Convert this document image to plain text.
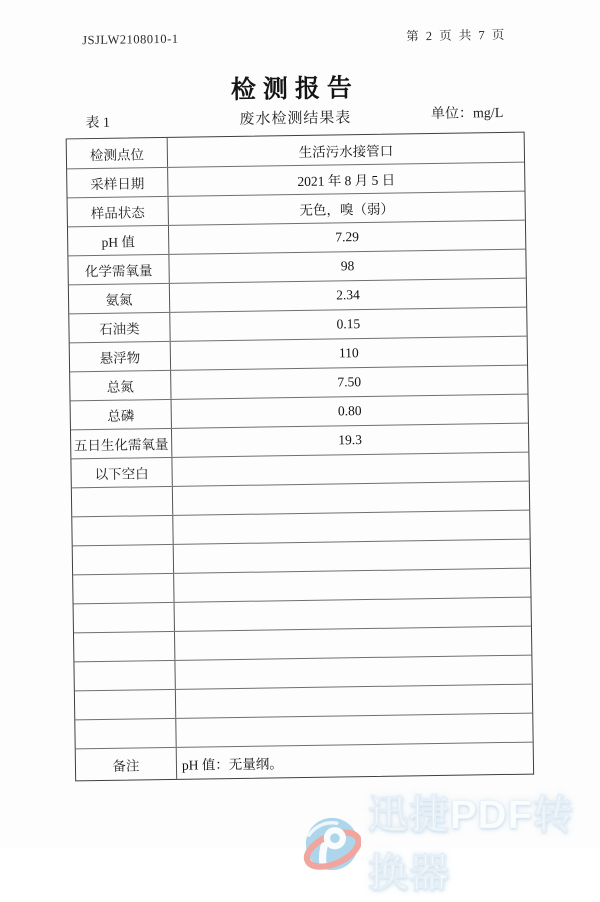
JSJLW2108010-1	第 2 页 共 7 页
检测报告
表 1	废水检测结果表	单位：mg/L
检测点位	生活污水接管口
采样日期	2021 年 8 月 5 日
样品状态	无色，嗅（弱）
pH 值	7.29
化学需氧量	98
氨氮	2.34
石油类	0.15
悬浮物	110
总氮	7.50
总磷	0.80
五日生化需氧量	19.3
以下空白
备注	pH 值：无量纲。
迅捷PDF转换器
